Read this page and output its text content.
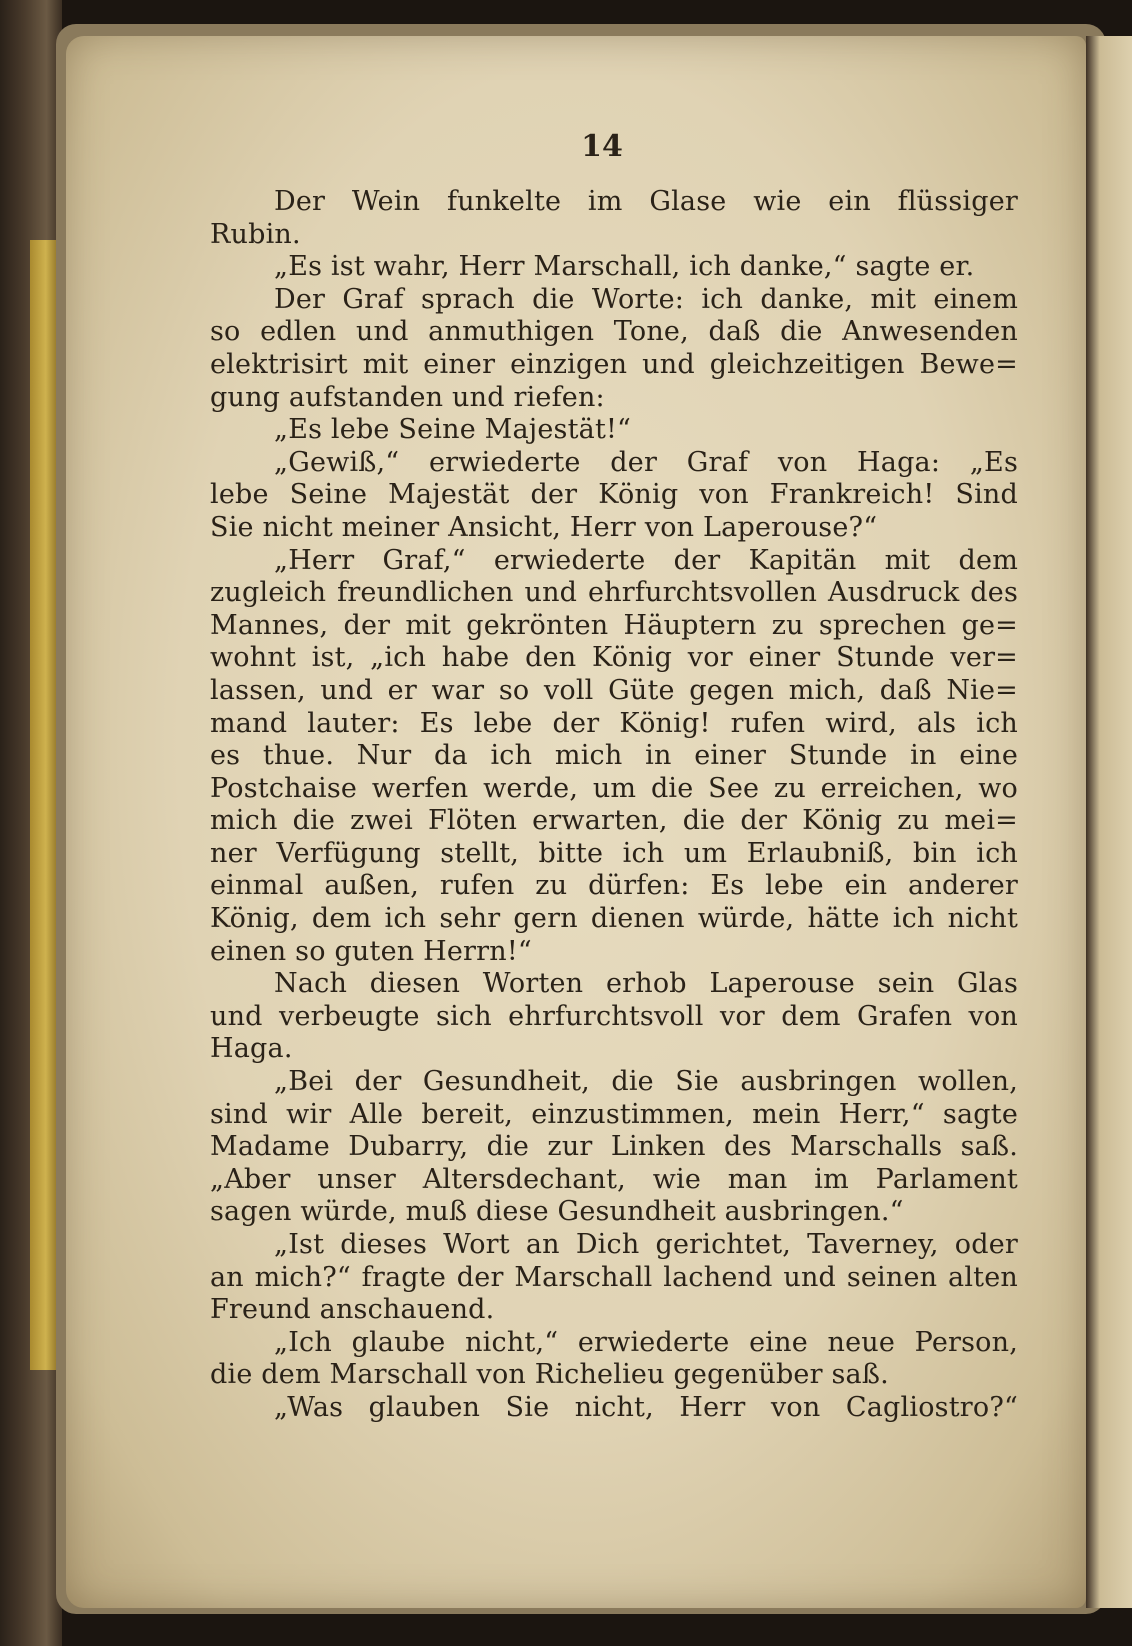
14
Der Wein funkelte im Glase wie ein flüssiger
Rubin.
„Es ist wahr, Herr Marschall, ich danke,“ sagte er.
Der Graf sprach die Worte: ich danke, mit einem
so edlen und anmuthigen Tone, daß die Anwesenden
elektrisirt mit einer einzigen und gleichzeitigen Bewe=
gung aufstanden und riefen:
„Es lebe Seine Majestät!“
„Gewiß,“ erwiederte der Graf von Haga: „Es
lebe Seine Majestät der König von Frankreich! Sind
Sie nicht meiner Ansicht, Herr von Laperouse?“
„Herr Graf,“ erwiederte der Kapitän mit dem
zugleich freundlichen und ehrfurchtsvollen Ausdruck des
Mannes, der mit gekrönten Häuptern zu sprechen ge=
wohnt ist, „ich habe den König vor einer Stunde ver=
lassen, und er war so voll Güte gegen mich, daß Nie=
mand lauter: Es lebe der König! rufen wird, als ich
es thue. Nur da ich mich in einer Stunde in eine
Postchaise werfen werde, um die See zu erreichen, wo
mich die zwei Flöten erwarten, die der König zu mei=
ner Verfügung stellt, bitte ich um Erlaubniß, bin ich
einmal außen, rufen zu dürfen: Es lebe ein anderer
König, dem ich sehr gern dienen würde, hätte ich nicht
einen so guten Herrn!“
Nach diesen Worten erhob Laperouse sein Glas
und verbeugte sich ehrfurchtsvoll vor dem Grafen von
Haga.
„Bei der Gesundheit, die Sie ausbringen wollen,
sind wir Alle bereit, einzustimmen, mein Herr,“ sagte
Madame Dubarry, die zur Linken des Marschalls saß.
„Aber unser Altersdechant, wie man im Parlament
sagen würde, muß diese Gesundheit ausbringen.“
„Ist dieses Wort an Dich gerichtet, Taverney, oder
an mich?“ fragte der Marschall lachend und seinen alten
Freund anschauend.
„Ich glaube nicht,“ erwiederte eine neue Person,
die dem Marschall von Richelieu gegenüber saß.
„Was glauben Sie nicht, Herr von Cagliostro?“
